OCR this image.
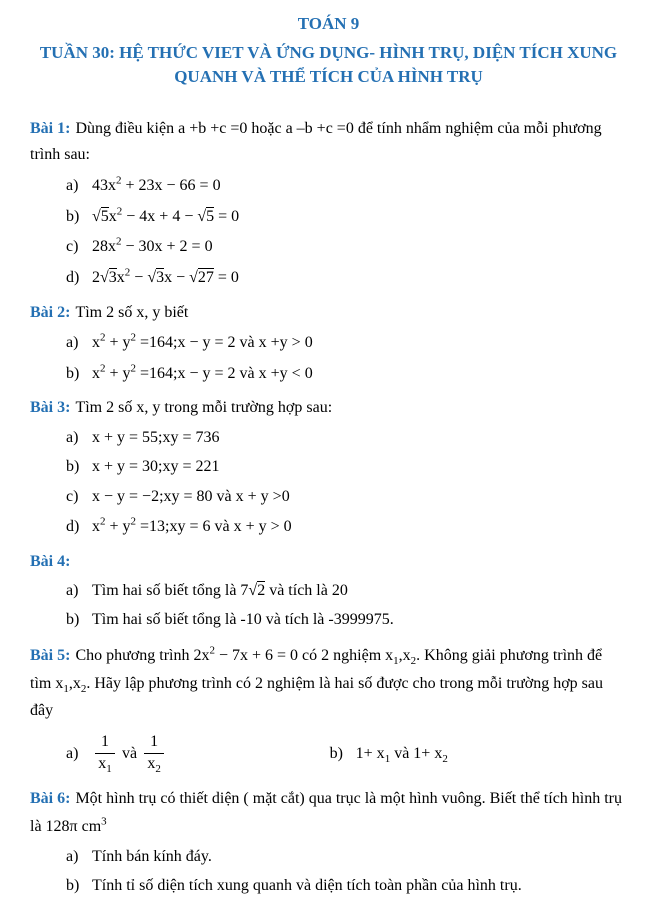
TOÁN 9
TUẦN 30: HỆ THỨC VIET VÀ ỨNG DỤNG- HÌNH TRỤ, DIỆN TÍCH XUNG QUANH VÀ THỂ TÍCH CỦA HÌNH TRỤ

Bài 1: Dùng điều kiện a +b +c =0 hoặc a –b +c =0 để tính nhẩm nghiệm của mỗi phương trình sau:

a) $43x^2 + 23x - 66 = 0$
b) $√5x^2 - 4x + 4 - √5 = 0$
c) $28x^2 - 30x + 2 = 0$
d) $2√3x^2 - √3x - √27 = 0$

Bài 2: Tìm 2 số x, y biết

a) $x^2 + y^2$ =164;x − y = 2 và x +y > 0
b) $x^2 + y^2$ =164;x − y = 2 và x +y < 0

Bài 3: Tìm 2 số x, y trong mỗi trường hợp sau:

a) x + y = 55;xy = 736
b) x + y = 30;xy = 221
c) x − y = −2;xy = 80 và x + y >0
d) $x^2 + y^2$ =13;xy = 6 và x + y > 0

Bài 4:

a) Tìm hai số biết tổng là 7√2 và tích là 20
b) Tìm hai số biết tổng là -10 và tích là -3999975.

Bài 5: Cho phương trình $2x^2 - 7x + 6 = 0$ có 2 nghiệm $x_1,x_2$. Không giải phương trình để tìm $x_1,x_2$. Hãy lập phương trình có 2 nghiệm là hai số được cho trong mỗi trường hợp sau đây

$a) \frac{1}{x_1}$ và $\frac{1}{x_2}$	b) $1+ x_1$ và $1+ x_2$

Bài 6: Một hình trụ có thiết diện ( mặt cắt) qua trục là một hình vuông. Biết thể tích hình trụ là 128π $cm^3$

a) Tính bán kính đáy.
b) Tính tỉ số diện tích xung quanh và diện tích toàn phần của hình trụ.
